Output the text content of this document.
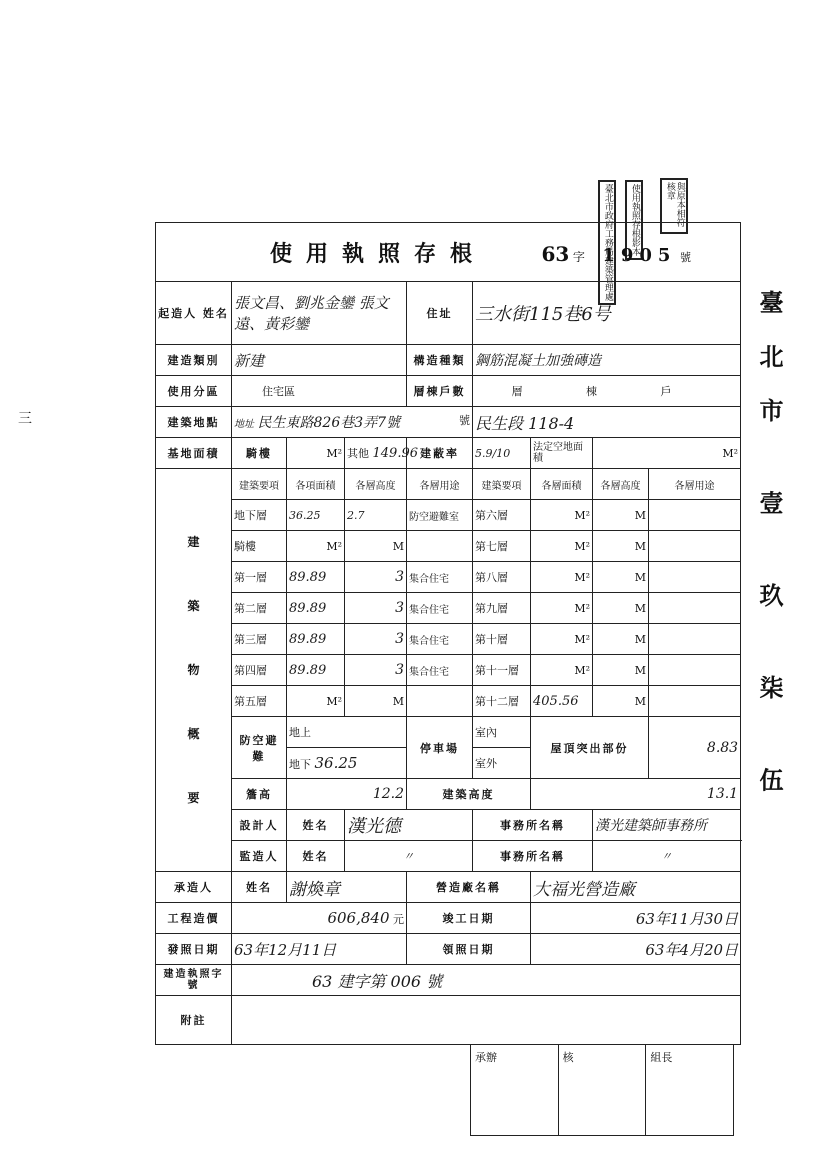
臺北市政府工務局建築管理處	使用執照存根影本	與原本相符 核章
三
使用執照存根 63 字 1905 號								
起造人 姓名	張文昌、劉兆金鑾 張文遠、黃彩鑾			住址	三水街115巷6号			
建造類別	新建			構造種類	鋼筋混凝土加強磚造			
使用分區	住宅區			層棟戶數	層 棟 戶			
建築地點	地址 民生東路826巷3弄7號 號				民生段 118-4			
基地面積	騎樓	M²	其他 149.96	建蔽率	5.9/10	法定空地面積	M²	
建
築
物
概
要	建築要項	各項面積	各層高度	各層用途	建築要項	各層面積	各層高度	各層用途
	地下層	36.25	2.7	防空避難室	第六層	M²	M	
	騎樓	M²	M		第七層	M²	M	
	第一層	89.89	3	集合住宅	第八層	M²	M	
	第二層	89.89	3	集合住宅	第九層	M²	M	
	第三層	89.89	3	集合住宅	第十層	M²	M	
	第四層	89.89	3	集合住宅	第十一層	M²	M	
	第五層	M²	M		第十二層	405.56	M	
	防空避難	地上		停車場	室內	屋頂突出部份		8.83
		地下 36.25			室外			
	簷高	12.2		建築高度		13.1		
	設計人	姓名	漢光德		事務所名稱		漢光建築師事務所	
	監造人	姓名	〃		事務所名稱		〃	
承造人	姓名	謝煥章		營造廠名稱		大福光營造廠		
工程造價	606,840 元			竣工日期		63年11月30日		
發照日期	63年12月11日			領照日期		63年4月20日		
建造執照字號	63 建字第 006 號							
附註								
承辦	核	組長
臺北市 壹 玖 柒 伍
